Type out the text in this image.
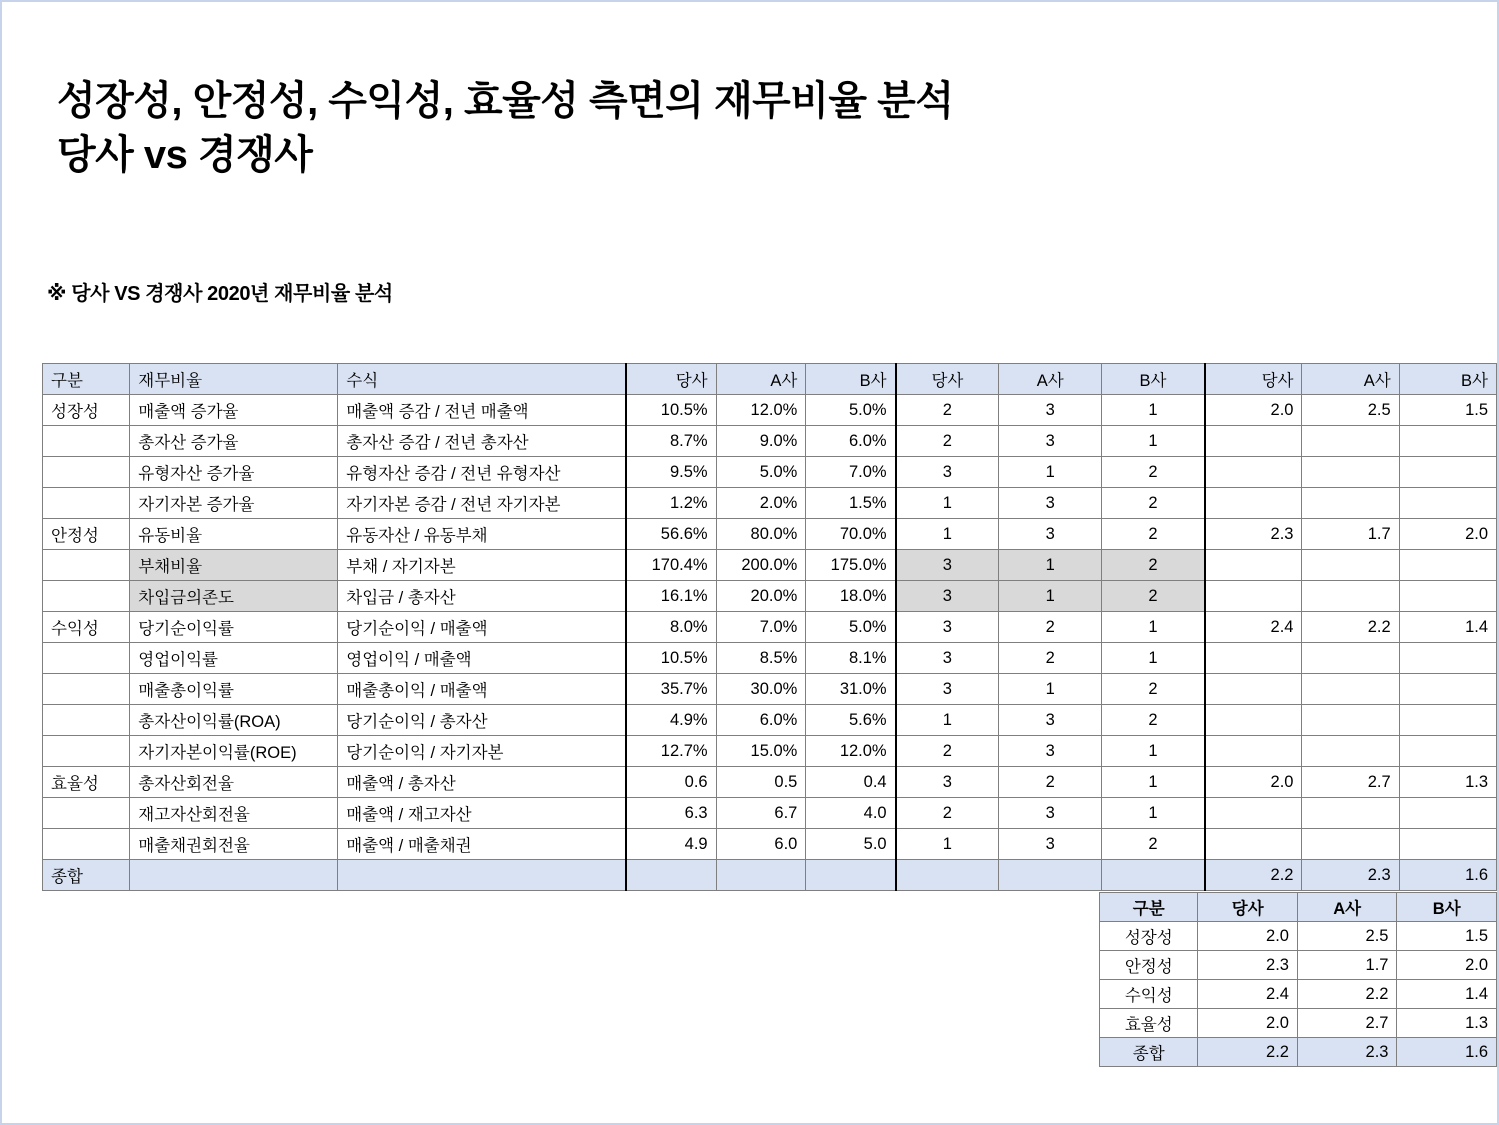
성장성, 안정성, 수익성, 효율성 측면의 재무비율 분석
당사 vs 경쟁사
※ 당사 VS 경쟁사 2020년 재무비율 분석
구분	재무비율	수식	당사	A사	B사	당사	A사	B사	당사	A사	B사
성장성	매출액 증가율	매출액 증감 / 전년 매출액	10.5%	12.0%	5.0%	2	3	1	2.0	2.5	1.5
	총자산 증가율	총자산 증감 / 전년 총자산	8.7%	9.0%	6.0%	2	3	1			
	유형자산 증가율	유형자산 증감 / 전년 유형자산	9.5%	5.0%	7.0%	3	1	2			
	자기자본 증가율	자기자본 증감 / 전년 자기자본	1.2%	2.0%	1.5%	1	3	2			
안정성	유동비율	유동자산 / 유동부채	56.6%	80.0%	70.0%	1	3	2	2.3	1.7	2.0
	부채비율	부채 / 자기자본	170.4%	200.0%	175.0%	3	1	2			
	차입금의존도	차입금 / 총자산	16.1%	20.0%	18.0%	3	1	2			
수익성	당기순이익률	당기순이익 / 매출액	8.0%	7.0%	5.0%	3	2	1	2.4	2.2	1.4
	영업이익률	영업이익 / 매출액	10.5%	8.5%	8.1%	3	2	1			
	매출총이익률	매출총이익 / 매출액	35.7%	30.0%	31.0%	3	1	2			
	총자산이익률(ROA)	당기순이익 / 총자산	4.9%	6.0%	5.6%	1	3	2			
	자기자본이익률(ROE)	당기순이익 / 자기자본	12.7%	15.0%	12.0%	2	3	1			
효율성	총자산회전율	매출액 / 총자산	0.6	0.5	0.4	3	2	1	2.0	2.7	1.3
	재고자산회전율	매출액 / 재고자산	6.3	6.7	4.0	2	3	1			
	매출채권회전율	매출액 / 매출채권	4.9	6.0	5.0	1	3	2			
종합									2.2	2.3	1.6
구분	당사	A사	B사
성장성	2.0	2.5	1.5
안정성	2.3	1.7	2.0
수익성	2.4	2.2	1.4
효율성	2.0	2.7	1.3
종합	2.2	2.3	1.6
